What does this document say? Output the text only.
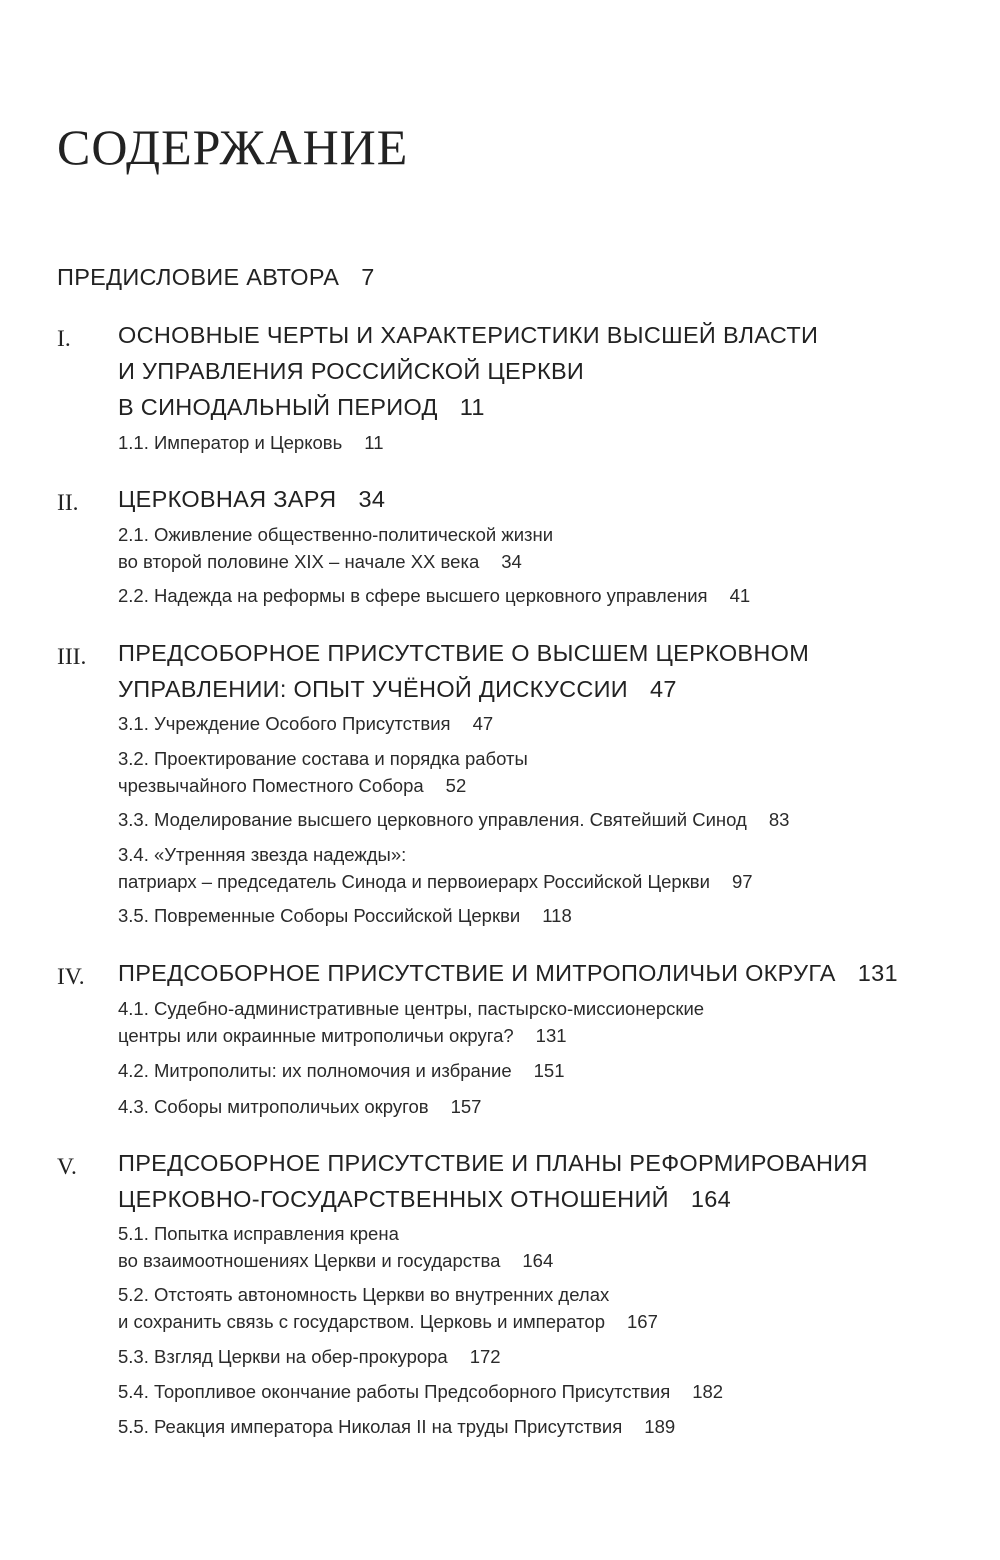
СОДЕРЖАНИЕ
ПРЕДИСЛОВИЕ АВТОРА 7
I. ОСНОВНЫЕ ЧЕРТЫ И ХАРАКТЕРИСТИКИ ВЫСШЕЙ ВЛАСТИ
И УПРАВЛЕНИЯ РОССИЙСКОЙ ЦЕРКВИ
В СИНОДАЛЬНЫЙ ПЕРИОД 11
1.1. Император и Церковь 11
II. ЦЕРКОВНАЯ ЗАРЯ 34
2.1. Оживление общественно-политической жизни
во второй половине XIX – начале XX века 34
2.2. Надежда на реформы в сфере высшего церковного управления 41
III. ПРЕДСОБОРНОЕ ПРИСУТСТВИЕ О ВЫСШЕМ ЦЕРКОВНОМ
УПРАВЛЕНИИ: ОПЫТ УЧЁНОЙ ДИСКУССИИ 47
3.1. Учреждение Особого Присутствия 47
3.2. Проектирование состава и порядка работы
чрезвычайного Поместного Собора 52
3.3. Моделирование высшего церковного управления. Святейший Синод 83
3.4. «Утренняя звезда надежды»:
патриарх – председатель Синода и первоиерарх Российской Церкви 97
3.5. Повременные Соборы Российской Церкви 118
IV. ПРЕДСОБОРНОЕ ПРИСУТСТВИЕ И МИТРОПОЛИЧЬИ ОКРУГА 131
4.1. Судебно-административные центры, пастырско-миссионерские
центры или окраинные митрополичьи округа? 131
4.2. Митрополиты: их полномочия и избрание 151
4.3. Соборы митрополичьих округов 157
V. ПРЕДСОБОРНОЕ ПРИСУТСТВИЕ И ПЛАНЫ РЕФОРМИРОВАНИЯ
ЦЕРКОВНО-ГОСУДАРСТВЕННЫХ ОТНОШЕНИЙ 164
5.1. Попытка исправления крена
во взаимоотношениях Церкви и государства 164
5.2. Отстоять автономность Церкви во внутренних делах
и сохранить связь с государством. Церковь и император 167
5.3. Взгляд Церкви на обер-прокурора 172
5.4. Торопливое окончание работы Предсоборного Присутствия 182
5.5. Реакция императора Николая II на труды Присутствия 189
